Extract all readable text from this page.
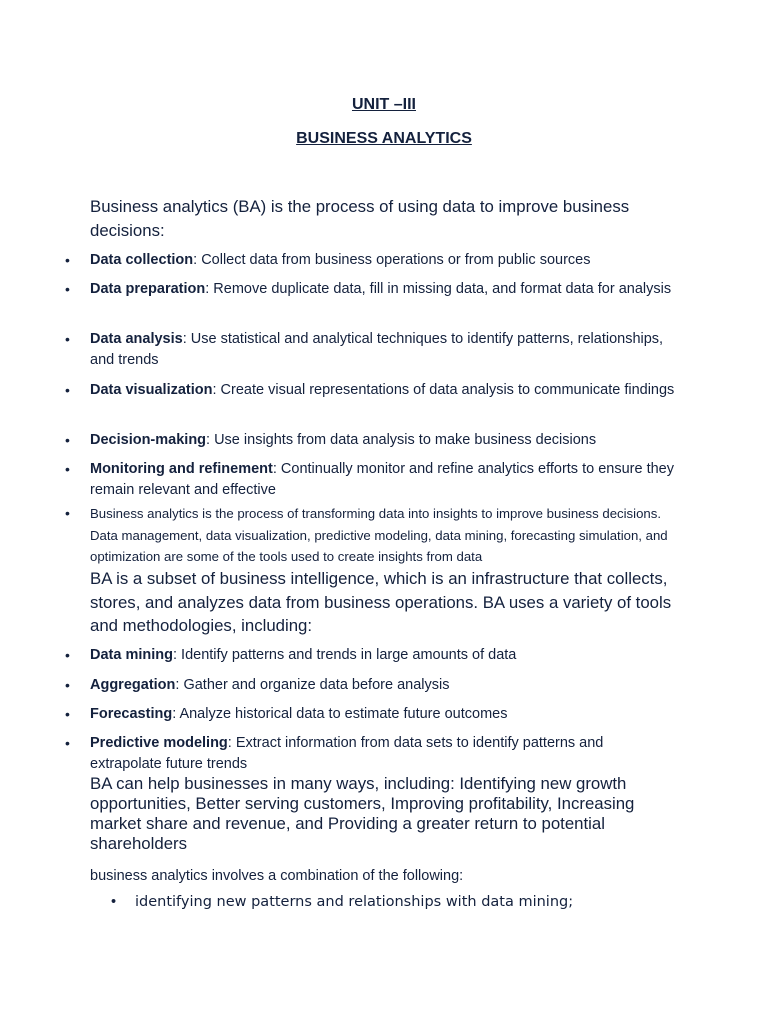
UNIT –III
BUSINESS ANALYTICS
Business analytics (BA) is the process of using data to improve business decisions:
• Data collection: Collect data from business operations or from public sources
• Data preparation: Remove duplicate data, fill in missing data, and format data for analysis
• Data analysis: Use statistical and analytical techniques to identify patterns, relationships, and trends
• Data visualization: Create visual representations of data analysis to communicate findings
• Decision-making: Use insights from data analysis to make business decisions
• Monitoring and refinement: Continually monitor and refine analytics efforts to ensure they remain relevant and effective
• Business analytics is the process of transforming data into insights to improve business decisions. Data management, data visualization, predictive modeling, data mining, forecasting simulation, and optimization are some of the tools used to create insights from data
BA is a subset of business intelligence, which is an infrastructure that collects, stores, and analyzes data from business operations. BA uses a variety of tools and methodologies, including:
• Data mining: Identify patterns and trends in large amounts of data
• Aggregation: Gather and organize data before analysis
• Forecasting: Analyze historical data to estimate future outcomes
• Predictive modeling: Extract information from data sets to identify patterns and extrapolate future trends
BA can help businesses in many ways, including: Identifying new growth opportunities, Better serving customers, Improving profitability, Increasing market share and revenue, and Providing a greater return to potential shareholders
business analytics involves a combination of the following:
• identifying new patterns and relationships with data mining;
